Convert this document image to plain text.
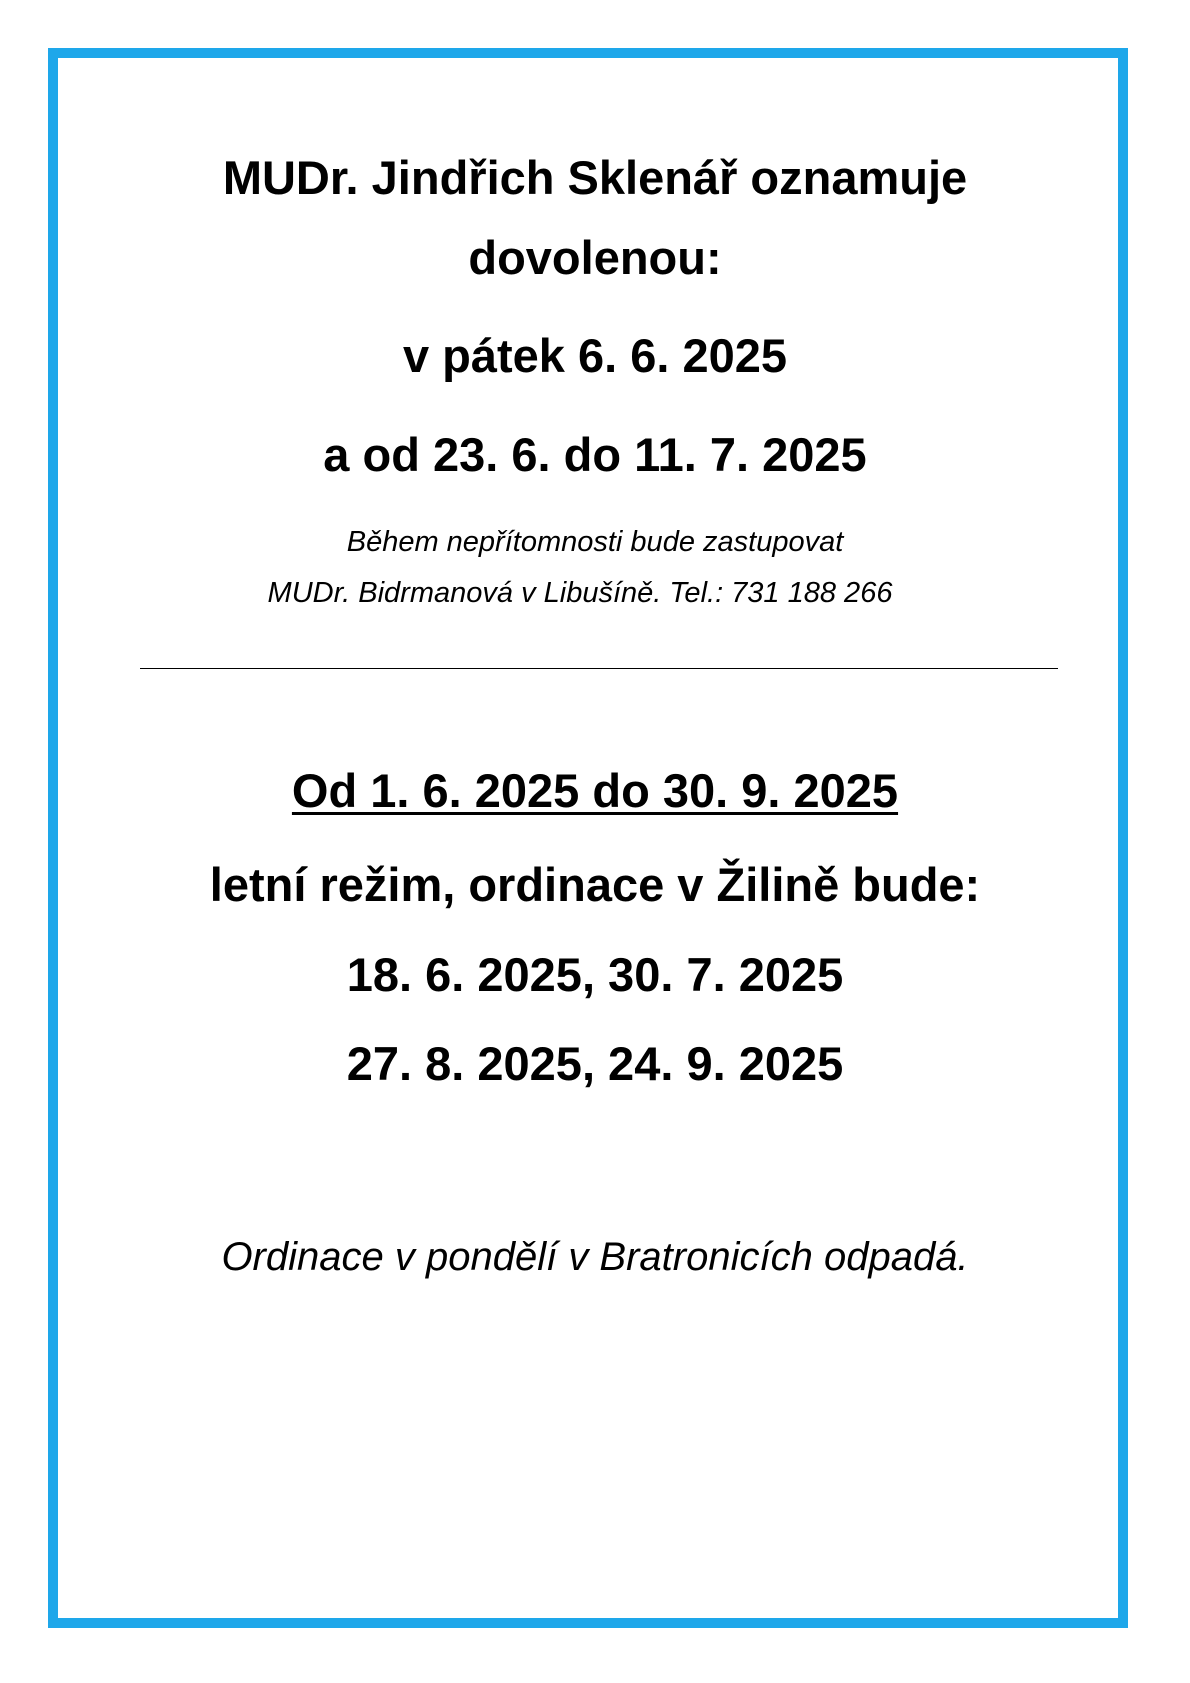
MUDr. Jindřich Sklenář oznamuje
dovolenou:
v pátek 6. 6. 2025
a od 23. 6. do 11. 7. 2025
Během nepřítomnosti bude zastupovat
MUDr. Bidrmanová v Libušíně. Tel.: 731 188 266
Od 1. 6. 2025 do 30. 9. 2025
letní režim, ordinace v Žilině bude:
18. 6. 2025, 30. 7. 2025
27. 8. 2025, 24. 9. 2025
Ordinace v pondělí v Bratronicích odpadá.
